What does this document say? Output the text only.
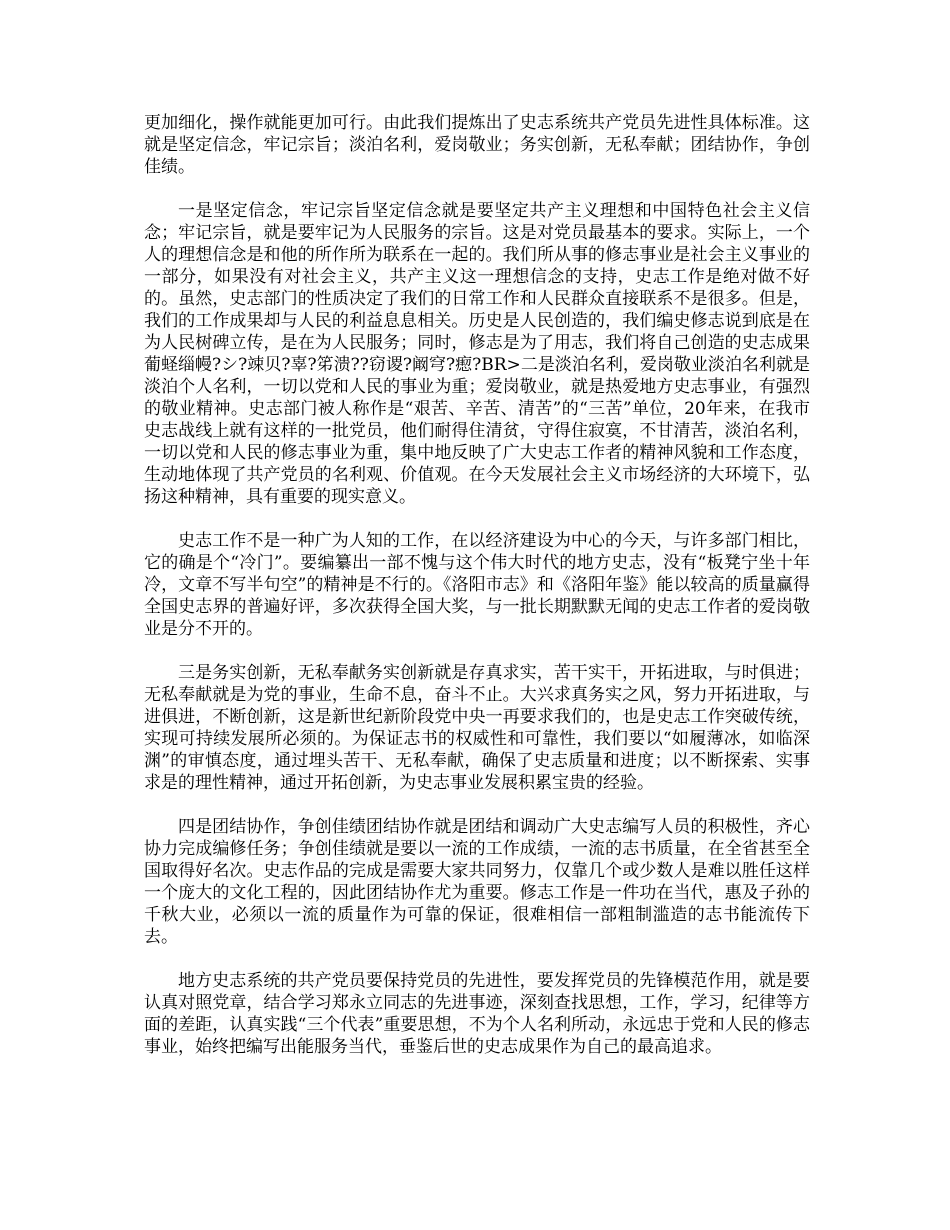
更加细化，操作就能更加可行。由此我们提炼出了史志系统共产党员先进性具体标准。这就是坚定信念，牢记宗旨；淡泊名利，爱岗敬业；务实创新，无私奉献；团结协作，争创佳绩。

一是坚定信念，牢记宗旨坚定信念就是要坚定共产主义理想和中国特色社会主义信念；牢记宗旨，就是要牢记为人民服务的宗旨。这是对党员最基本的要求。实际上，一个人的理想信念是和他的所作所为联系在一起的。我们所从事的修志事业是社会主义事业的一部分，如果没有对社会主义，共产主义这一理想信念的支持，史志工作是绝对做不好的。虽然，史志部门的性质决定了我们的日常工作和人民群众直接联系不是很多。但是，我们的工作成果却与人民的利益息息相关。历史是人民创造的，我们编史修志说到底是在为人民树碑立传，是在为人民服务；同时，修志是为了用志，我们将自己创造的史志成果葡蛏缁幔?シ?竦贝?辜?笫溃??窃谡?阚穹?瘛?BR>二是淡泊名利，爱岗敬业淡泊名利就是淡泊个人名利，一切以党和人民的事业为重；爱岗敬业，就是热爱地方史志事业，有强烈的敬业精神。史志部门被人称作是“艰苦、辛苦、清苦”的“三苦”单位，20年来，在我市史志战线上就有这样的一批党员，他们耐得住清贫，守得住寂寞，不甘清苦，淡泊名利，一切以党和人民的修志事业为重，集中地反映了广大史志工作者的精神风貌和工作态度，生动地体现了共产党员的名利观、价值观。在今天发展社会主义市场经济的大环境下，弘扬这种精神，具有重要的现实意义。

史志工作不是一种广为人知的工作，在以经济建设为中心的今天，与许多部门相比，它的确是个“冷门”。要编纂出一部不愧与这个伟大时代的地方史志，没有“板凳宁坐十年冷，文章不写半句空”的精神是不行的。《洛阳市志》和《洛阳年鉴》能以较高的质量赢得全国史志界的普遍好评，多次获得全国大奖，与一批长期默默无闻的史志工作者的爱岗敬业是分不开的。

三是务实创新，无私奉献务实创新就是存真求实，苦干实干，开拓进取，与时俱进；无私奉献就是为党的事业，生命不息，奋斗不止。大兴求真务实之风，努力开拓进取，与进俱进，不断创新，这是新世纪新阶段党中央一再要求我们的，也是史志工作突破传统，实现可持续发展所必须的。为保证志书的权威性和可靠性，我们要以“如履薄冰，如临深渊”的审慎态度，通过埋头苦干、无私奉献，确保了史志质量和进度；以不断探索、实事求是的理性精神，通过开拓创新，为史志事业发展积累宝贵的经验。

四是团结协作，争创佳绩团结协作就是团结和调动广大史志编写人员的积极性，齐心协力完成编修任务；争创佳绩就是要以一流的工作成绩，一流的志书质量，在全省甚至全国取得好名次。史志作品的完成是需要大家共同努力，仅靠几个或少数人是难以胜任这样一个庞大的文化工程的，因此团结协作尤为重要。修志工作是一件功在当代，惠及子孙的千秋大业，必须以一流的质量作为可靠的保证，很难相信一部粗制滥造的志书能流传下去。

地方史志系统的共产党员要保持党员的先进性，要发挥党员的先锋模范作用，就是要认真对照党章，结合学习郑永立同志的先进事迹，深刻查找思想，工作，学习，纪律等方面的差距，认真实践“三个代表”重要思想，不为个人名利所动，永远忠于党和人民的修志事业，始终把编写出能服务当代，垂鉴后世的史志成果作为自己的最高追求。
